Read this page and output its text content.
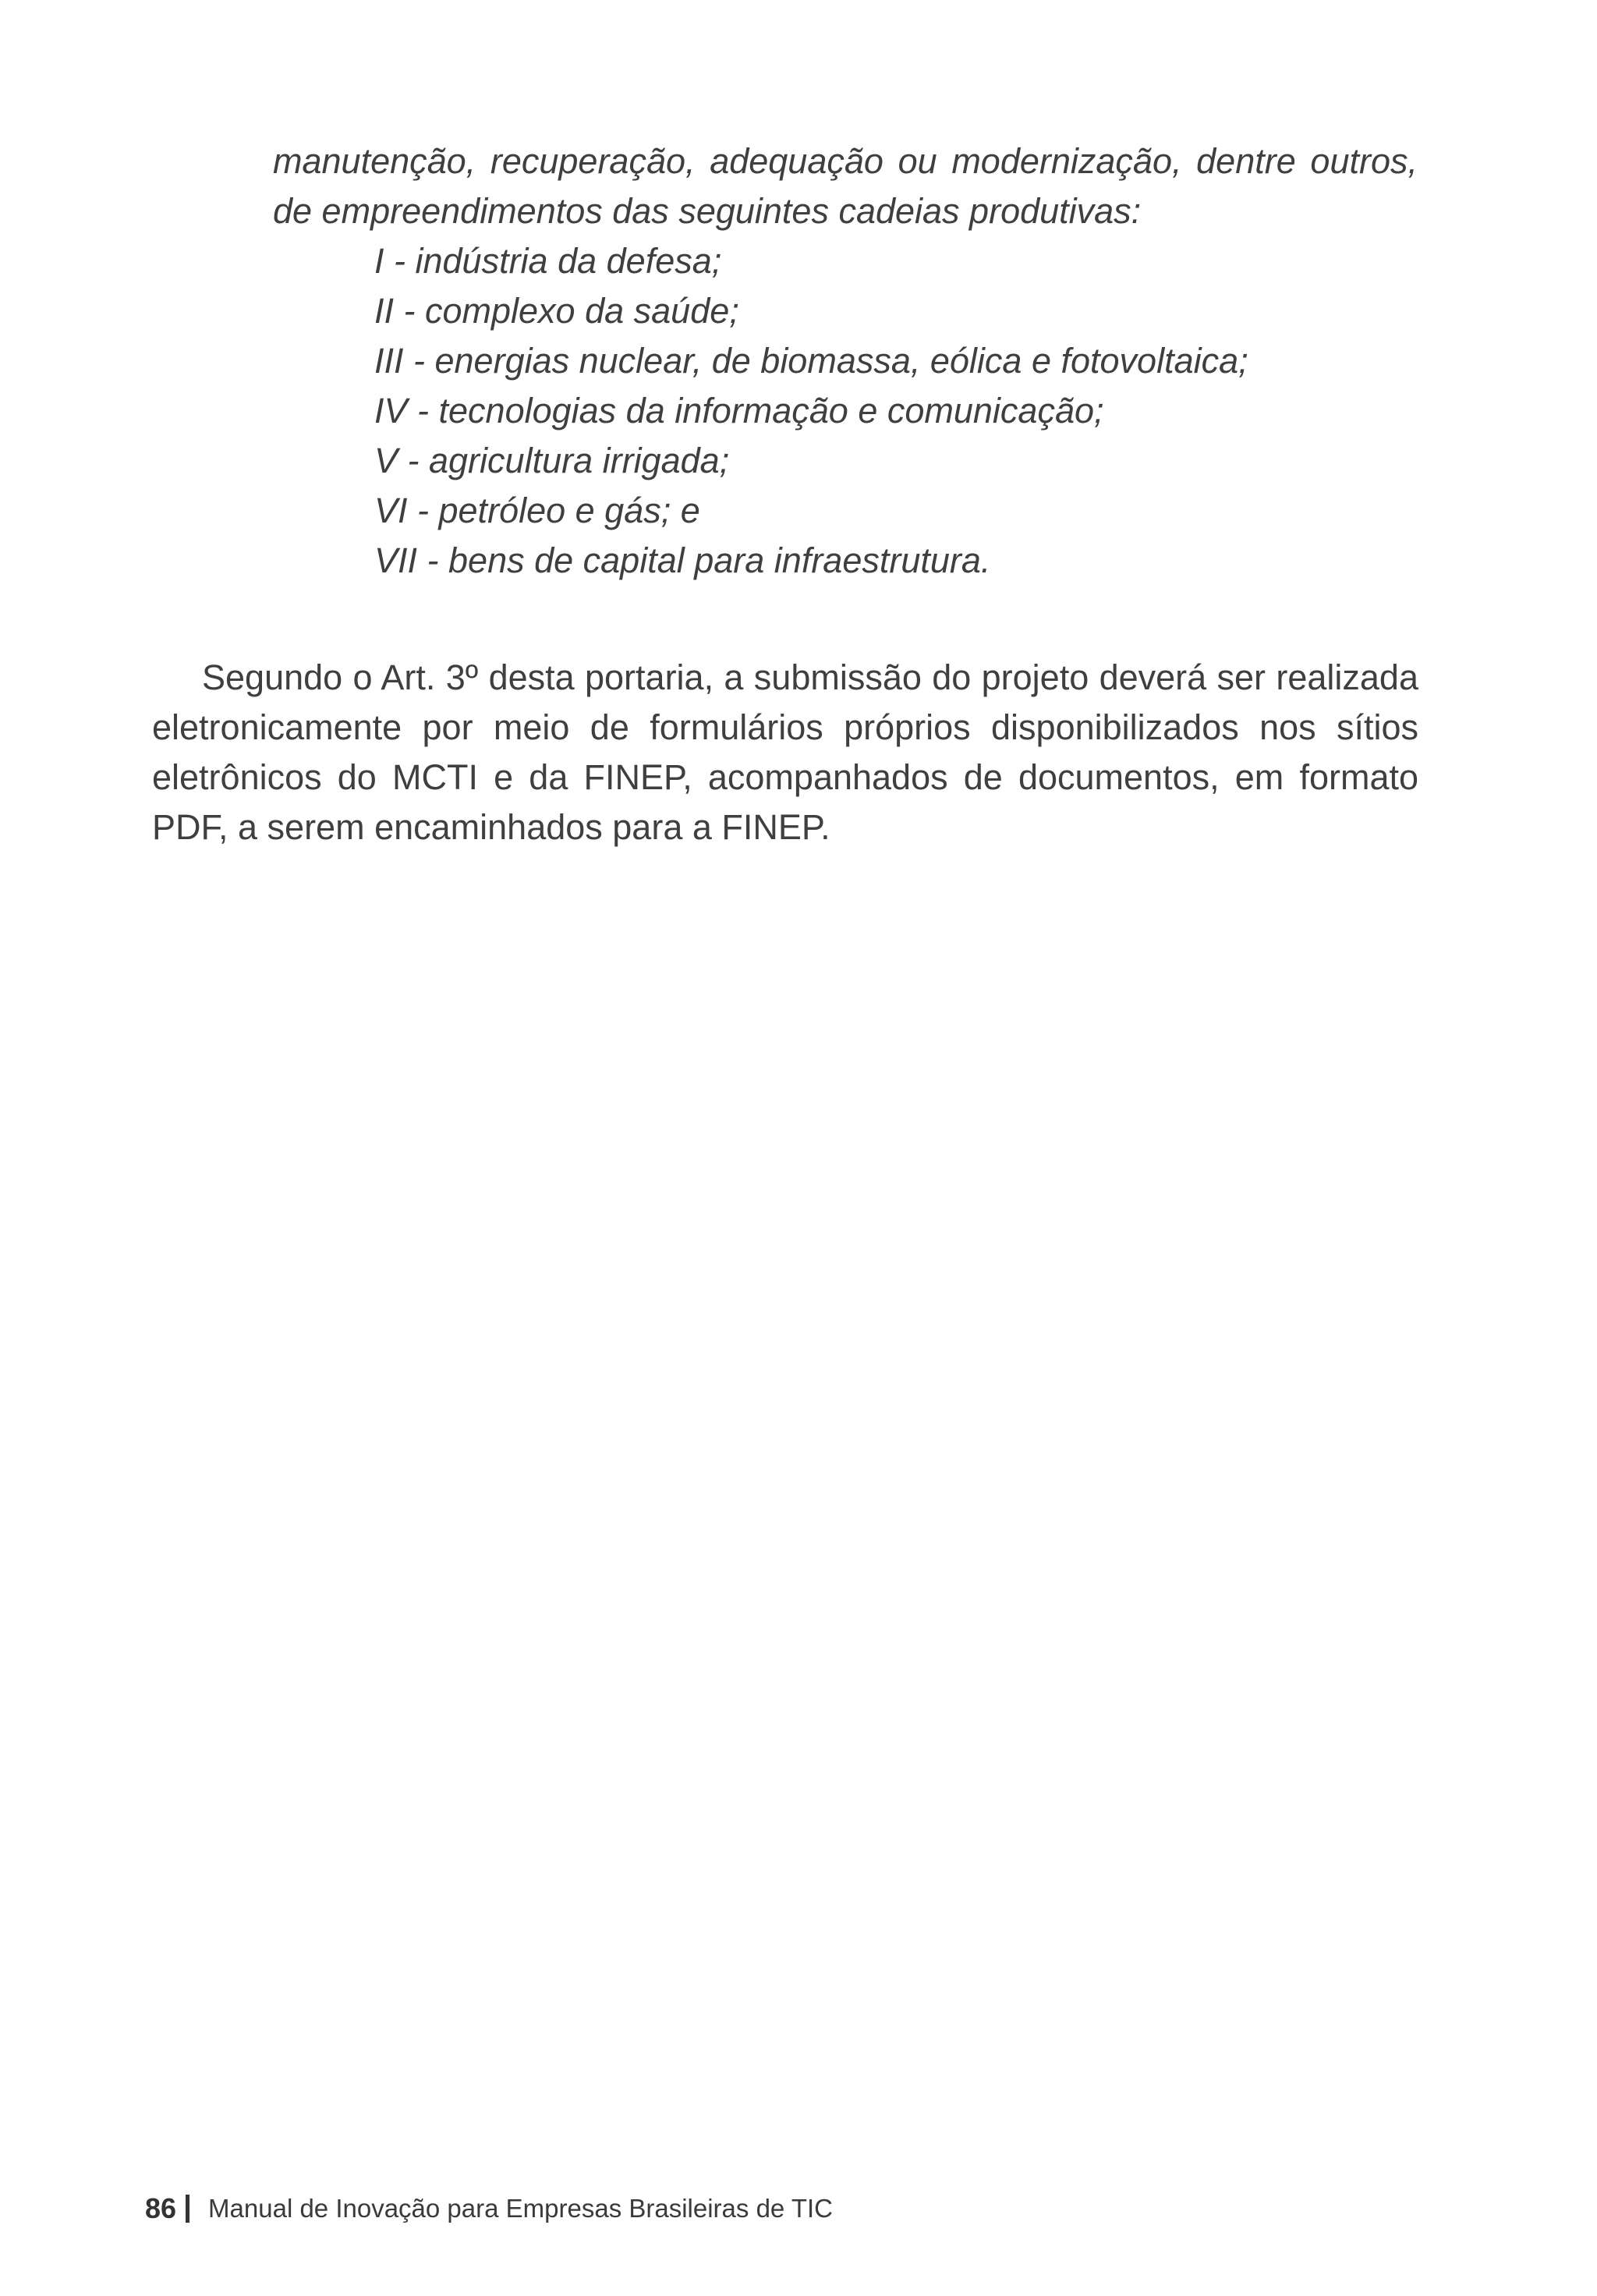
manutenção, recuperação, adequação ou modernização, dentre outros, de empreendimentos das seguintes cadeias produtivas:

I - indústria da defesa;
II - complexo da saúde;
III - energias nuclear, de biomassa, eólica e fotovoltaica;
IV - tecnologias da informação e comunicação;
V - agricultura irrigada;
VI - petróleo e gás; e
VII - bens de capital para infraestrutura.

Segundo o Art. 3º desta portaria, a submissão do projeto deverá ser realizada eletronicamente por meio de formulários próprios disponibilizados nos sítios eletrônicos do MCTI e da FINEP, acompanhados de documentos, em formato PDF, a serem encaminhados para a FINEP.

86 Manual de Inovação para Empresas Brasileiras de TIC
